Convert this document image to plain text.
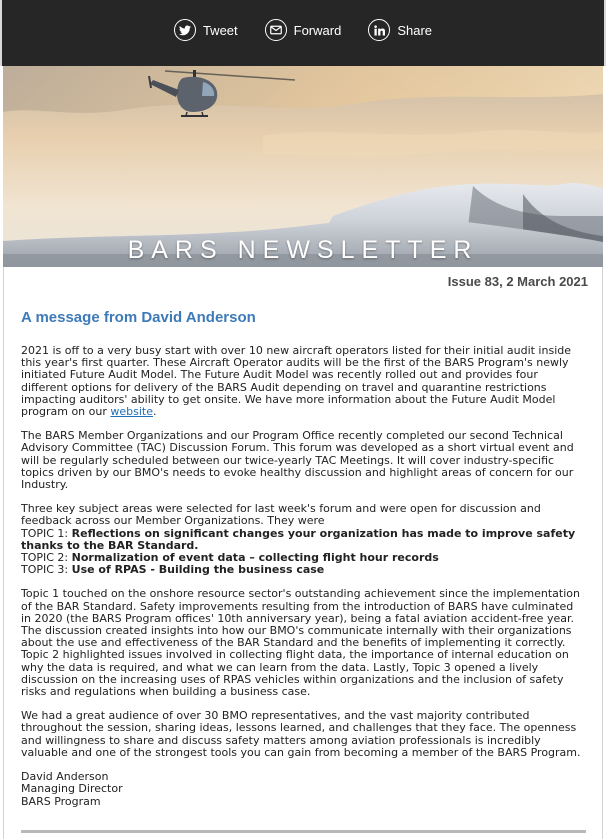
Tweet	Forward	Share
BARS NEWSLETTER
Issue 83, 2 March 2021
A message from David Anderson

2021 is off to a very busy start with over 10 new aircraft operators listed for their initial audit inside this year's first quarter. These Aircraft Operator audits will be the first of the BARS Program's newly initiated Future Audit Model. The Future Audit Model was recently rolled out and provides four different options for delivery of the BARS Audit depending on travel and quarantine restrictions impacting auditors' ability to get onsite. We have more information about the Future Audit Model program on our website.

The BARS Member Organizations and our Program Office recently completed our second Technical Advisory Committee (TAC) Discussion Forum. This forum was developed as a short virtual event and will be regularly scheduled between our twice-yearly TAC Meetings. It will cover industry-specific topics driven by our BMO's needs to evoke healthy discussion and highlight areas of concern for our Industry.

Three key subject areas were selected for last week's forum and were open for discussion and feedback across our Member Organizations. They were
TOPIC 1: Reflections on significant changes your organization has made to improve safety thanks to the BAR Standard.
TOPIC 2: Normalization of event data – collecting flight hour records
TOPIC 3: Use of RPAS - Building the business case

Topic 1 touched on the onshore resource sector's outstanding achievement since the implementation of the BAR Standard. Safety improvements resulting from the introduction of BARS have culminated in 2020 (the BARS Program offices' 10th anniversary year), being a fatal aviation accident-free year. The discussion created insights into how our BMO's communicate internally with their organizations about the use and effectiveness of the BAR Standard and the benefits of implementing it correctly. Topic 2 highlighted issues involved in collecting flight data, the importance of internal education on why the data is required, and what we can learn from the data. Lastly, Topic 3 opened a lively discussion on the increasing uses of RPAS vehicles within organizations and the inclusion of safety risks and regulations when building a business case.

We had a great audience of over 30 BMO representatives, and the vast majority contributed throughout the session, sharing ideas, lessons learned, and challenges that they face. The openness and willingness to share and discuss safety matters among aviation professionals is incredibly valuable and one of the strongest tools you can gain from becoming a member of the BARS Program.

David Anderson
Managing Director
BARS Program
